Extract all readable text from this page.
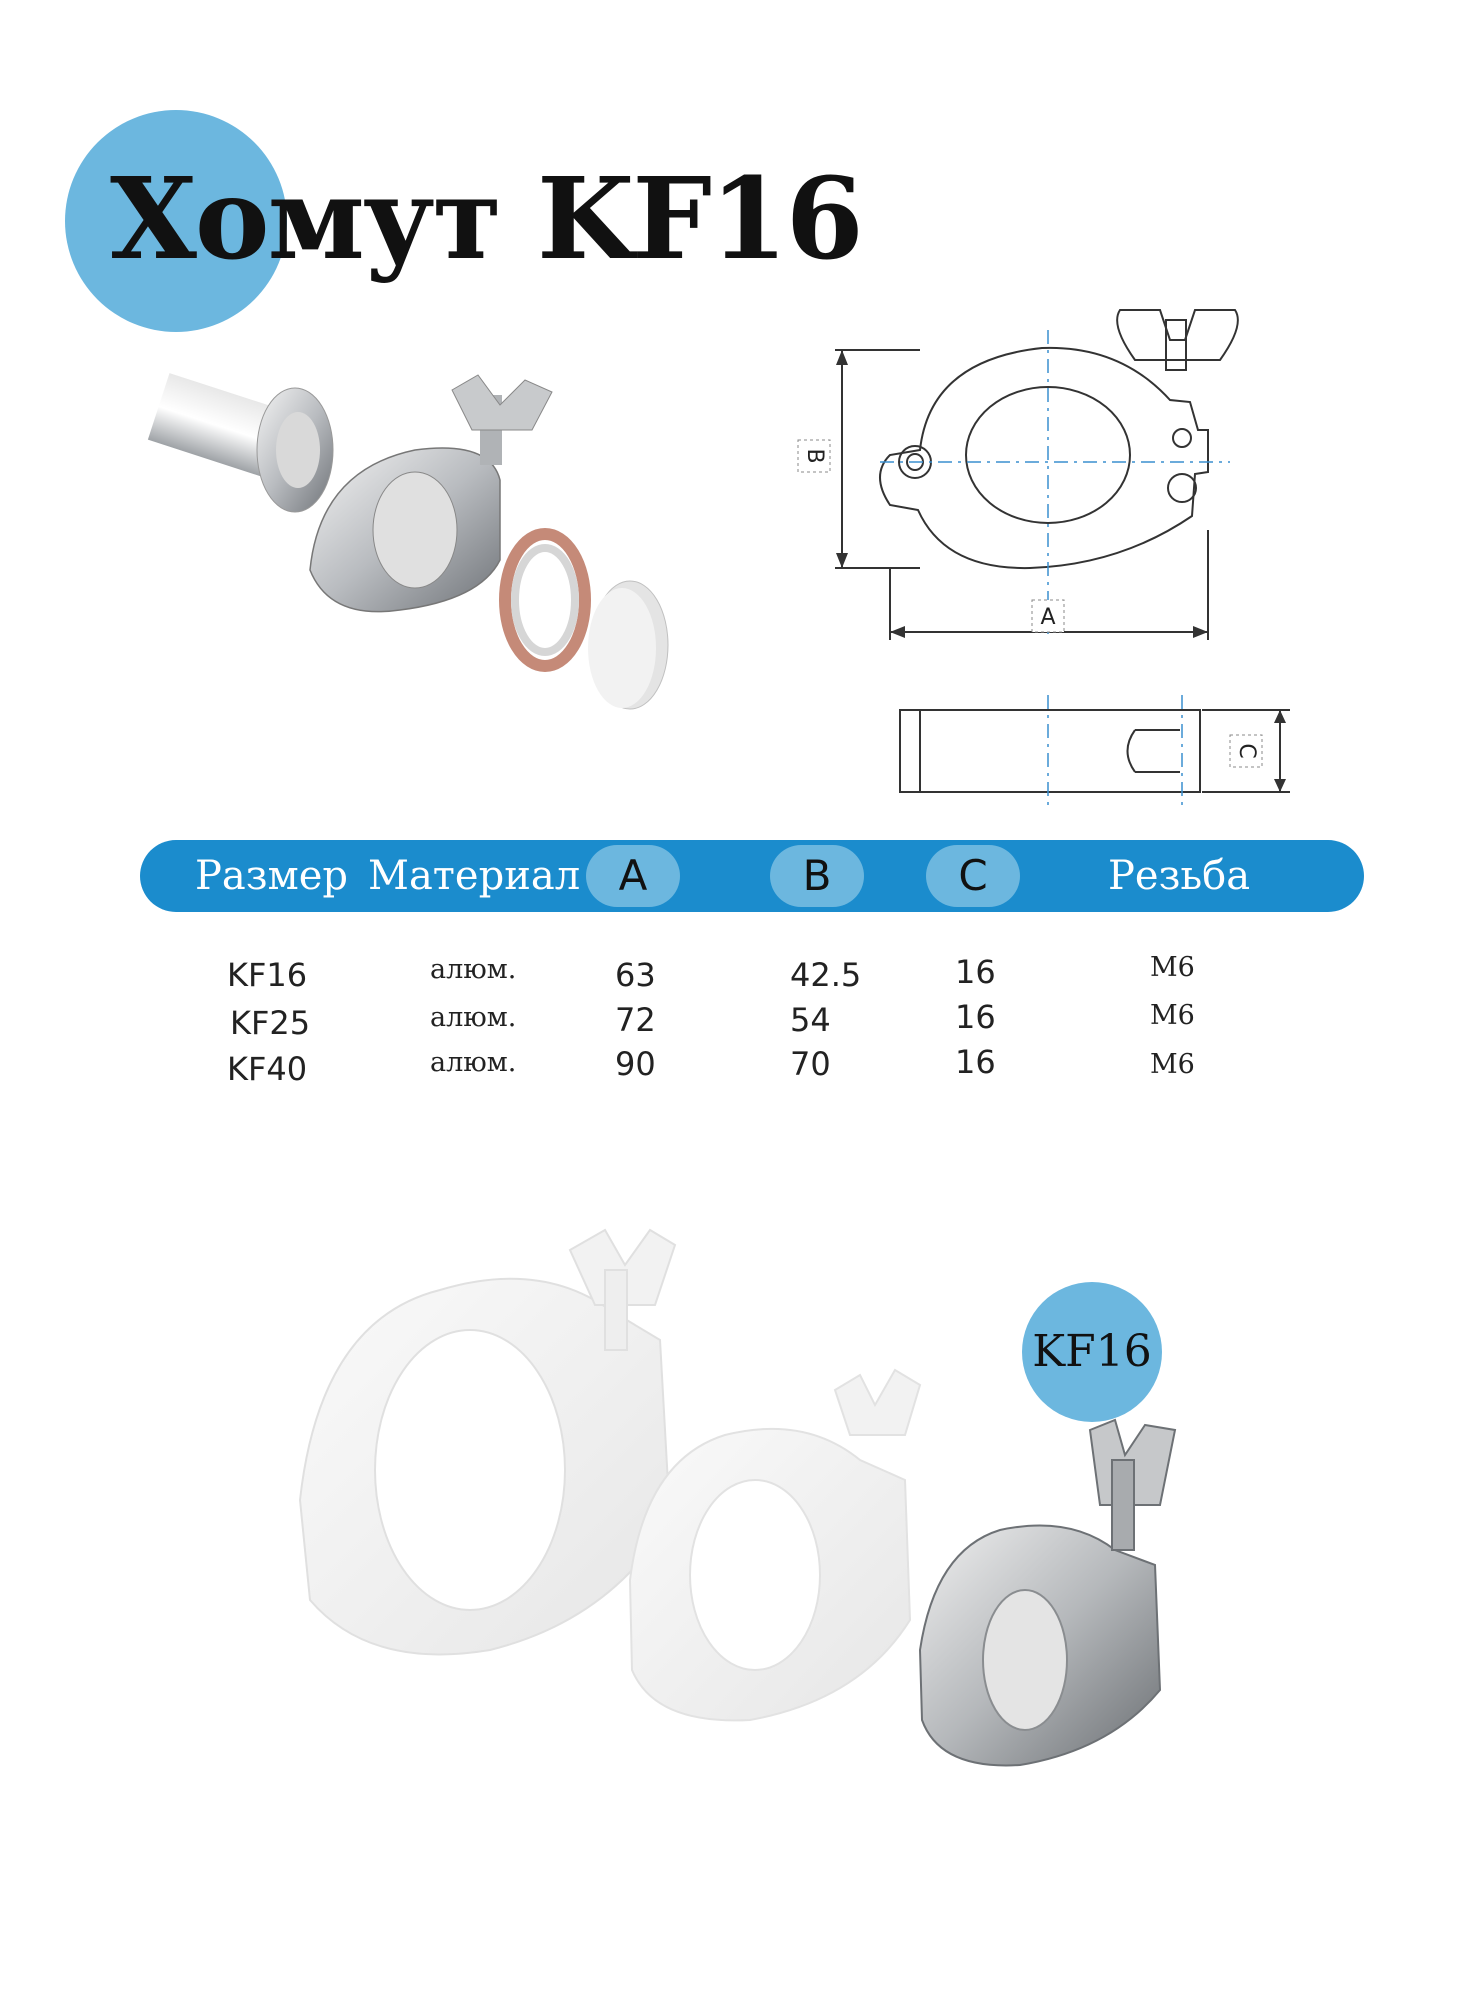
Хомут KF16
B
A
C
Размер Материал A	B	C	Резьба
KF16	алюм.	63	42.5	16	М6
KF25	алюм.	72	54	16	М6
KF40	алюм.	90	70	16	М6
KF16
